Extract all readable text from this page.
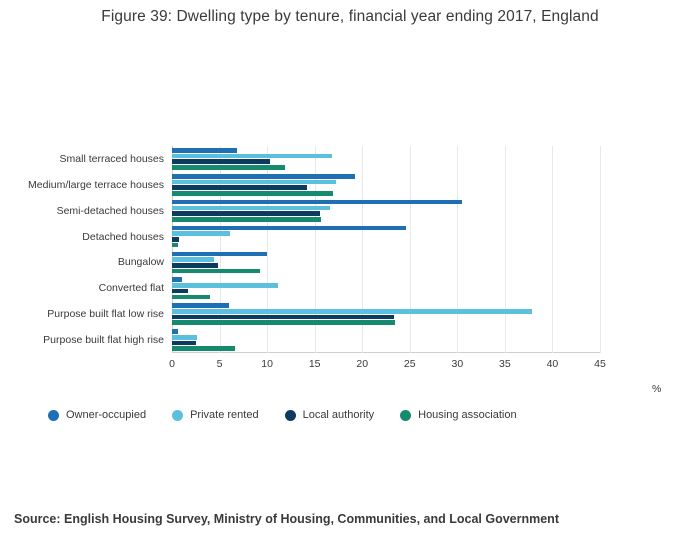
Figure 39: Dwelling type by tenure, financial year ending 2017, England
0	5	10	15	20	25	30	35	40	45
Small terraced houses
Medium/large terrace houses
Semi-detached houses
Detached houses
Bungalow
Converted flat
Purpose built flat low rise
Purpose built flat high rise
%
Owner-occupied	Private rented	Local authority	Housing association
Source: English Housing Survey, Ministry of Housing, Communities, and Local Government
